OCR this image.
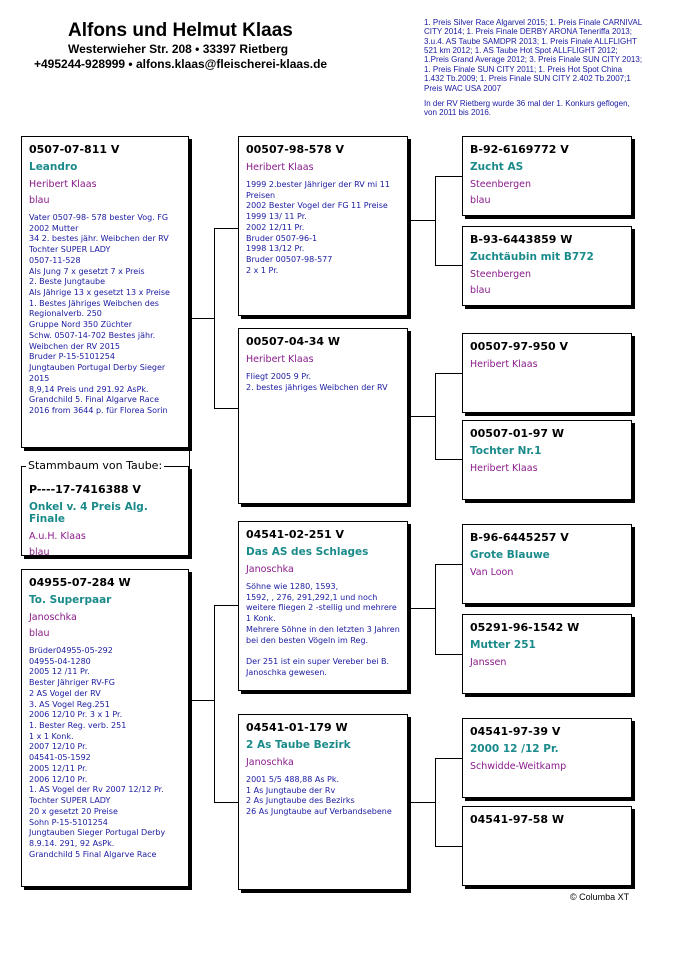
Alfons und Helmut Klaas
Westerwieher Str. 208 • 33397 Rietberg
+495244-928999 • alfons.klaas@fleischerei-klaas.de

1. Preis Silver Race Algarvel 2015; 1. Preis Finale CARNIVAL CITY 2014; 1. Preis Finale DERBY ARONA Teneriffa 2013; 3.u.4. AS Taube SAMDPR 2013; 1. Preis Finale ALLFLIGHT 521 km 2012; 1. AS Taube Hot Spot ALLFLIGHT 2012; 1.Preis Grand Average 2012; 3. Preis Finale SUN CITY 2013; 1. Preis Finale SUN CITY 2011; 1. Preis Hot Spot China 1.432 Tb.2009; 1. Preis Finale SUN CITY 2.402 Tb.2007;1 Preis WAC USA 2007

In der RV Rietberg wurde 36 mal der 1. Konkurs geflogen, von 2011 bis 2016.

0507-07-811 V
Leandro
Heribert Klaas
blau
Vater 0507-98- 578 bester Vog. FG 2002 Mutter
34 2. bestes jähr. Weibchen der RV
Tochter SUPER LADY
0507-11-528
Als Jung 7 x gesetzt 7 x Preis
2. Beste Jungtaube
Als Jährige 13 x gesetzt 13 x Preise
1. Bestes Jähriges Weibchen des Regionalverb. 250
Gruppe Nord 350 Züchter
Schw. 0507-14-702 Bestes jähr. Weibchen der RV 2015
Bruder P-15-5101254
Jungtauben Portugal Derby Sieger 2015
8,9,14 Preis und 291.92 AsPk.
Grandchild 5. Final Algarve Race 2016 from 3644 p. für Florea Sorin
P----17-7416388 V
Onkel v. 4 Preis Alg. Finale
A.u.H. Klaas
blau
Stammbaum von Taube:
04955-07-284 W
To. Superpaar
Janoschka
blau
Brüder04955-05-292
04955-04-1280
2005 12 /11 Pr.
Bester Jähriger RV-FG
2 AS Vogel der RV
3. AS Vogel Reg.251
2006 12/10 Pr. 3 x 1 Pr.
1. Bester Reg. verb. 251
1 x 1 Konk.
2007 12/10 Pr.
04541-05-1592
2005 12/11 Pr.
2006 12/10 Pr.
1. AS Vogel der Rv 2007 12/12 Pr.
Tochter SUPER LADY
20 x gesetzt 20 Preise
Sohn P-15-5101254
Jungtauben Sieger Portugal Derby
8.9.14. 291, 92 AsPk.
Grandchild 5 Final Algarve Race
00507-98-578 V
Heribert Klaas
1999 2.bester Jähriger der RV mi 11 Preisen
2002 Bester Vogel der FG 11 Preise
1999 13/ 11 Pr.
2002 12/11 Pr.
Bruder 0507-96-1
1998 13/12 Pr.
Bruder 00507-98-577
2 x 1 Pr.
00507-04-34 W
Heribert Klaas
Fliegt 2005 9 Pr.
2. bestes jähriges Weibchen der RV
04541-02-251 V
Das AS des Schlages
Janoschka
Söhne wie 1280, 1593,
1592, , 276, 291,292,1 und noch weitere fliegen 2 -stellig und mehrere 1 Konk.
Mehrere Söhne in den letzten 3 Jahren bei den besten Vögeln im Reg.

Der 251 ist ein super Vereber bei B. Janoschka gewesen.
04541-01-179 W
2 As Taube Bezirk
Janoschka
2001 5/5 488,88 As Pk.
1 As Jungtaube der Rv
2 As Jungtaube des Bezirks
26 As Jungtaube auf Verbandsebene
B-92-6169772 V
Zucht AS
Steenbergen
blau
B-93-6443859 W
Zuchtäubin mit B772
Steenbergen
blau
00507-97-950 V
Heribert Klaas
00507-01-97 W
Tochter Nr.1
Heribert Klaas
B-96-6445257 V
Grote Blauwe
Van Loon
05291-96-1542 W
Mutter 251
Janssen
04541-97-39 V
2000 12 /12 Pr.
Schwidde-Weitkamp
04541-97-58 W
© Columba XT
